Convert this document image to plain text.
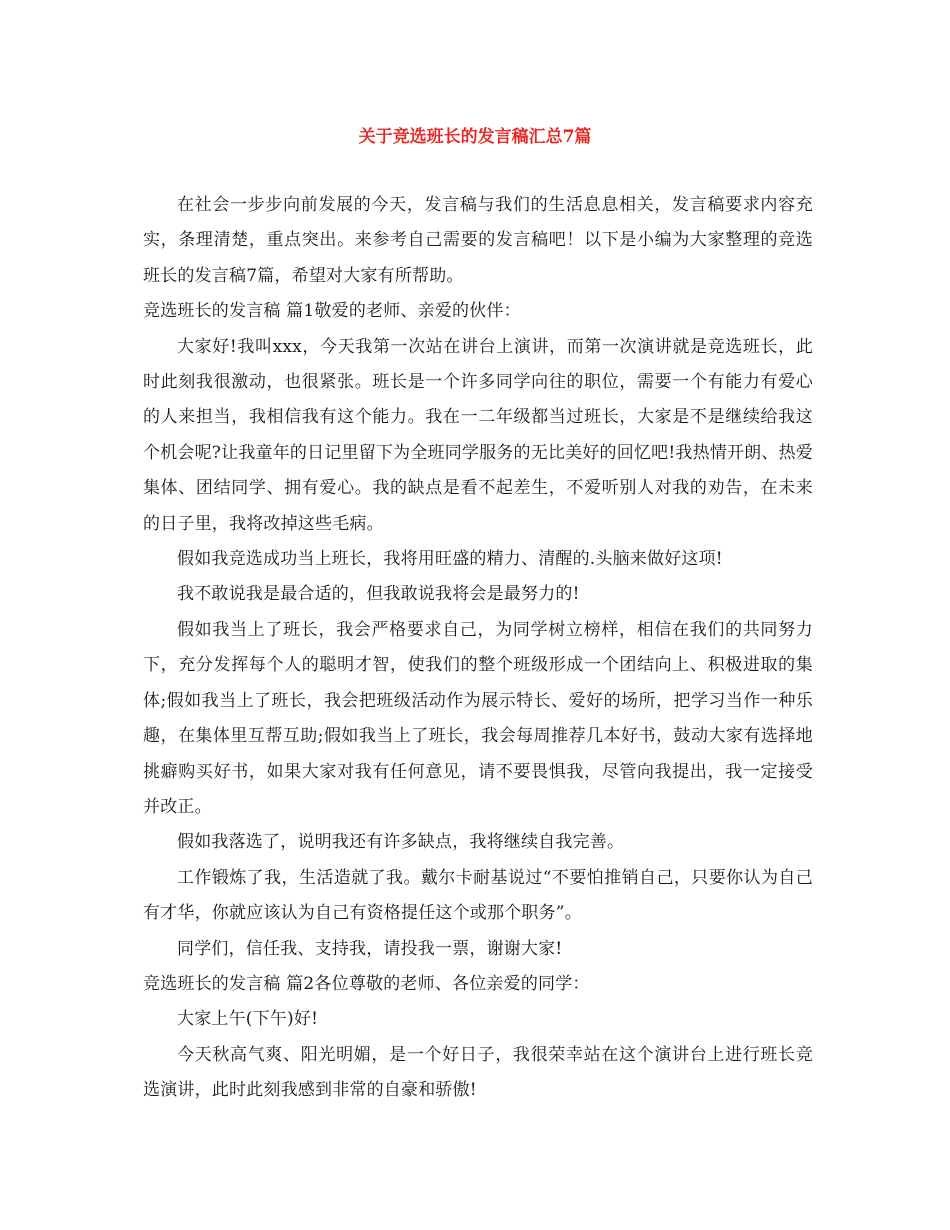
关于竞选班长的发言稿汇总7篇

在社会一步步向前发展的今天，发言稿与我们的生活息息相关，发言稿要求内容充实，条理清楚，重点突出。来参考自己需要的发言稿吧！以下是小编为大家整理的竞选班长的发言稿7篇，希望对大家有所帮助。

竞选班长的发言稿 篇1敬爱的老师、亲爱的伙伴：

大家好!我叫xxx，今天我第一次站在讲台上演讲，而第一次演讲就是竞选班长，此时此刻我很激动，也很紧张。班长是一个许多同学向往的职位，需要一个有能力有爱心的人来担当，我相信我有这个能力。我在一二年级都当过班长，大家是不是继续给我这个机会呢?让我童年的日记里留下为全班同学服务的无比美好的回忆吧!我热情开朗、热爱集体、团结同学、拥有爱心。我的缺点是看不起差生，不爱听别人对我的劝告，在未来的日子里，我将改掉这些毛病。

假如我竞选成功当上班长，我将用旺盛的精力、清醒的.头脑来做好这项!

我不敢说我是最合适的，但我敢说我将会是最努力的!

假如我当上了班长，我会严格要求自己，为同学树立榜样，相信在我们的共同努力下，充分发挥每个人的聪明才智，使我们的整个班级形成一个团结向上、积极进取的集体;假如我当上了班长，我会把班级活动作为展示特长、爱好的场所，把学习当作一种乐趣，在集体里互帮互助;假如我当上了班长，我会每周推荐几本好书，鼓动大家有选择地挑癖购买好书，如果大家对我有任何意见，请不要畏惧我，尽管向我提出，我一定接受并改正。

假如我落选了，说明我还有许多缺点，我将继续自我完善。

工作锻炼了我，生活造就了我。戴尔卡耐基说过“不要怕推销自己，只要你认为自己有才华，你就应该认为自己有资格提任这个或那个职务”。

同学们，信任我、支持我，请投我一票，谢谢大家!

竞选班长的发言稿 篇2各位尊敬的老师、各位亲爱的同学：

大家上午(下午)好!

今天秋高气爽、阳光明媚，是一个好日子，我很荣幸站在这个演讲台上进行班长竞选演讲，此时此刻我感到非常的自豪和骄傲!
